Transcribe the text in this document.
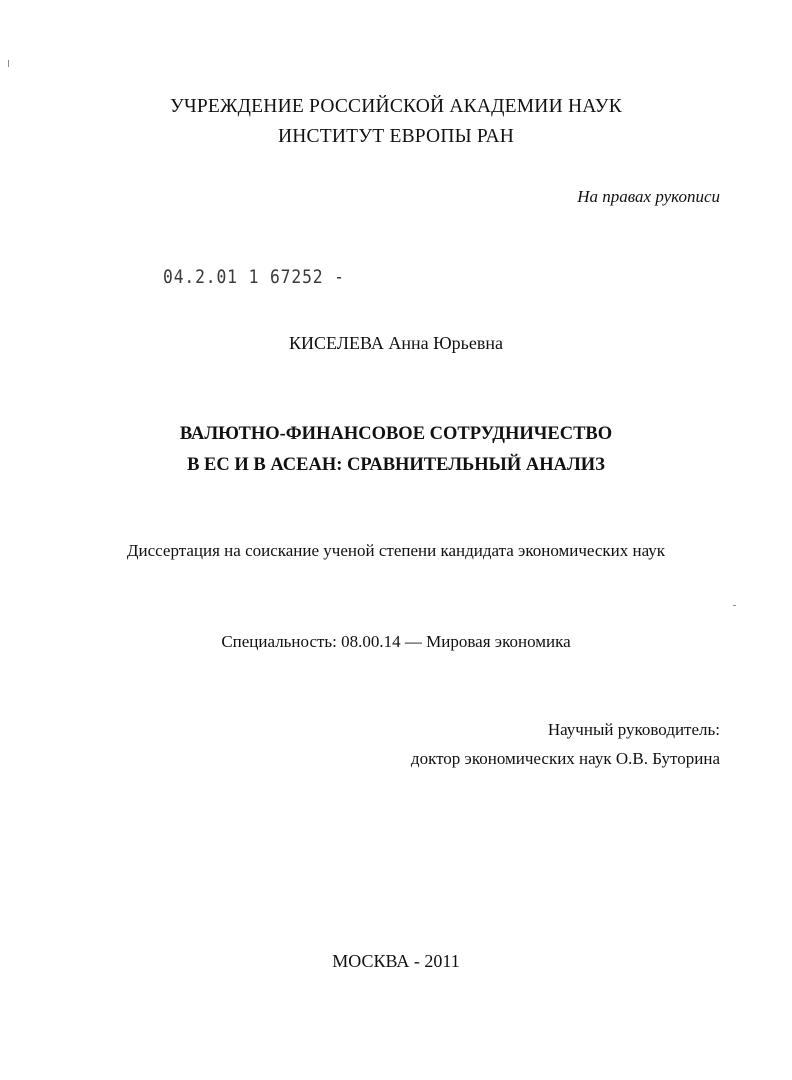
УЧРЕЖДЕНИЕ РОССИЙСКОЙ АКАДЕМИИ НАУК

ИНСТИТУТ ЕВРОПЫ РАН

На правах рукописи

04.2.01 1 67252 -

КИСЕЛЕВА Анна Юрьевна

ВАЛЮТНО-ФИНАНСОВОЕ СОТРУДНИЧЕСТВО

В ЕС И В АСЕАН: СРАВНИТЕЛЬНЫЙ АНАЛИЗ

Диссертация на соискание ученой степени кандидата экономических наук

Специальность: 08.00.14 — Мировая экономика

Научный руководитель:

доктор экономических наук О.В. Буторина

МОСКВА - 2011
